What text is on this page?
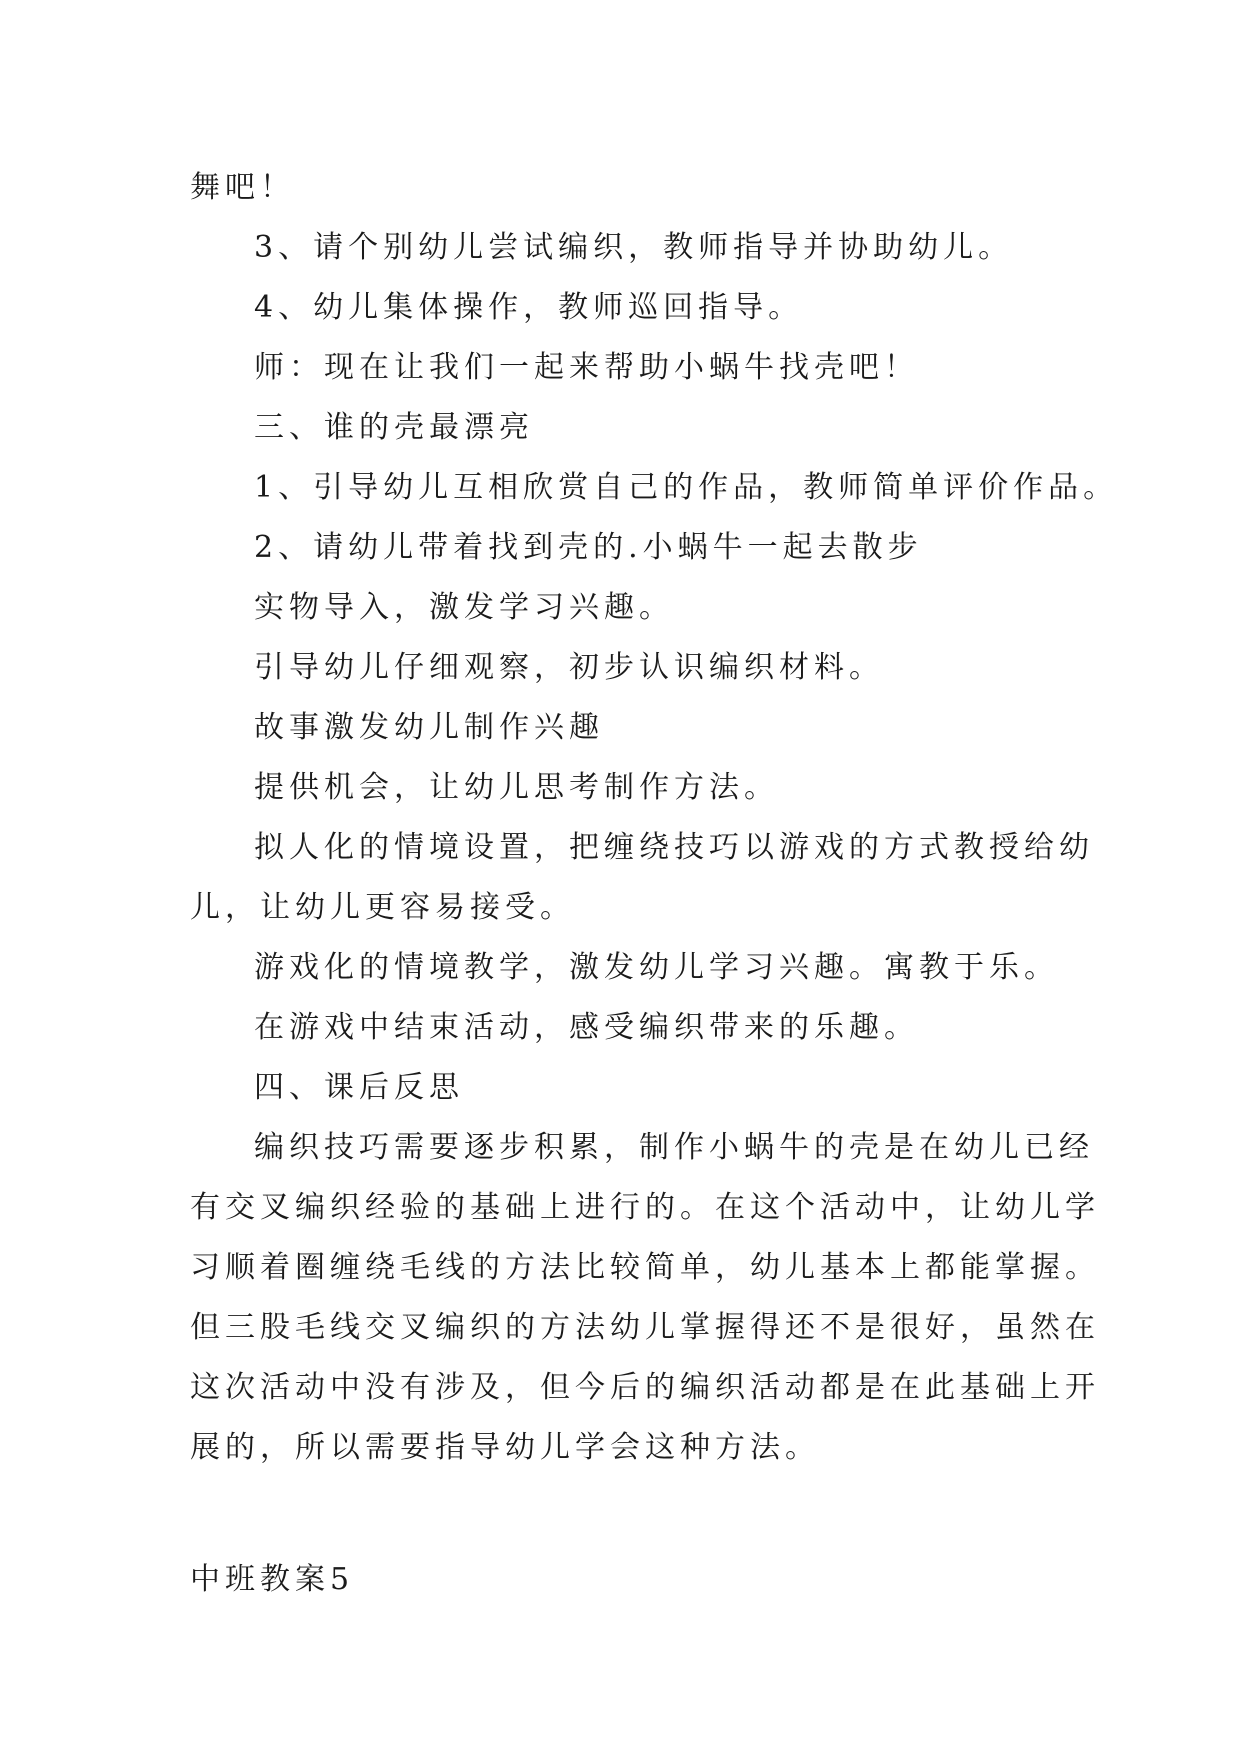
舞吧！

3、请个别幼儿尝试编织，教师指导并协助幼儿。

4、幼儿集体操作，教师巡回指导。

师：现在让我们一起来帮助小蜗牛找壳吧！

三、谁的壳最漂亮

1、引导幼儿互相欣赏自己的作品，教师简单评价作品。

2、请幼儿带着找到壳的.小蜗牛一起去散步

实物导入，激发学习兴趣。

引导幼儿仔细观察，初步认识编织材料。

故事激发幼儿制作兴趣

提供机会，让幼儿思考制作方法。

拟人化的情境设置，把缠绕技巧以游戏的方式教授给幼

儿，让幼儿更容易接受。

游戏化的情境教学，激发幼儿学习兴趣。寓教于乐。

在游戏中结束活动，感受编织带来的乐趣。

四、课后反思

编织技巧需要逐步积累，制作小蜗牛的壳是在幼儿已经

有交叉编织经验的基础上进行的。在这个活动中，让幼儿学

习顺着圈缠绕毛线的方法比较简单，幼儿基本上都能掌握。

但三股毛线交叉编织的方法幼儿掌握得还不是很好，虽然在

这次活动中没有涉及，但今后的编织活动都是在此基础上开

展的，所以需要指导幼儿学会这种方法。

中班教案5
